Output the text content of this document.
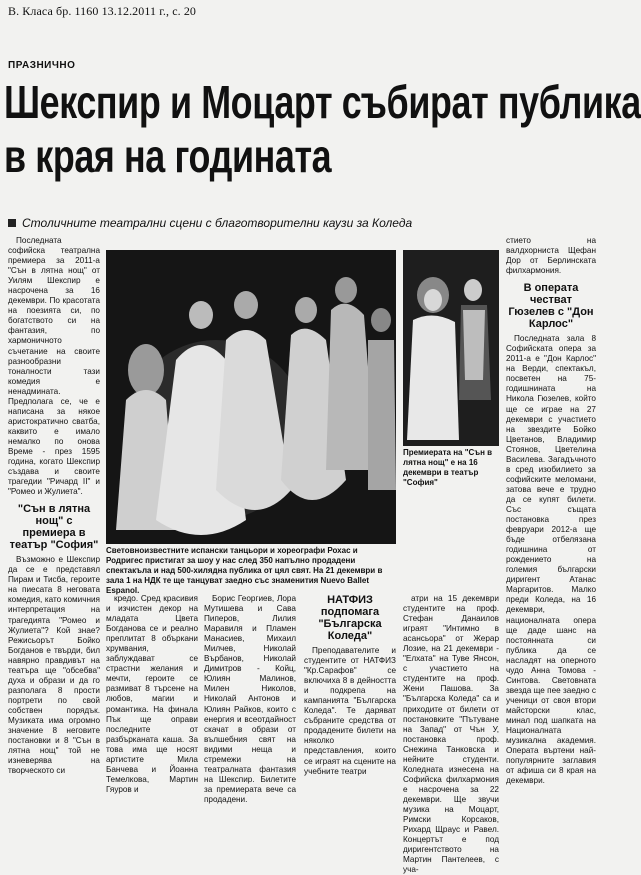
В. Класа бр. 1160 13.12.2011 г., с. 20
ПРАЗНИЧНО
Шекспир и Моцарт събират публика
в края на годината
Столичните театрални сцени с благотворителни каузи за Коледа

Последната софийска театрална премиера за 2011-а "Сън в лятна нощ" от Уилям Шекспир е насрочена за 16 декември. По красотата на поезията си, по богатството си на фантазия, по хармоничното съчетание на своите разнообразни тоналности тази комедия е ненадмината. Предполага се, че е написана за някое аристократично сватба, каквито е имало немалко по онова Време - през 1595 година, когато Шекспир създава и своите трагедии "Ричард II" и "Ромео и Жулиета".

"Сън в лятна нощ" с премиера в театър "София"

Възможно е Шекспир да се е представял Пирам и Тисба, героите на пиесата 8 неговата комедия, като комичния интерпретация на трагедията "Ромео и Жулиета"? Кой знае? Режисьорът Бойко Богданов е твърди, бил навярно правдивът на театъра ще "обсебва" духа и образи и да го разполага 8 прости портрети по свой собствен порядък. Музиката има огромно значение 8 неговите постановки и 8 "Сън в лятна нощ" той не изневерява на творческото си

Световноизвестните испански танцьори и хореографи Рохас и Родригес пристигат за шоу у нас след 350 напълно продадени спектакъла и над 500-хилядна публика от цял свят. На 21 декември в зала 1 на НДК те ще танцуват заедно със знаменития Nuevo Ballet Espanol.
Премиерата на "Сън в лятна нощ" е на 16 декември в театър "София"

кредо. Сред красивия и изчистен декор на младата Цвета Богданова се и реално преплитат 8 объркани хрумвания, заблуждават се страстни желания и мечти, героите се размиват 8 търсене на любов, магии и романтика. На финала Пък ще оправи последните от разбърканата каша. За това има ще носят артистите Мила Банчева и Йоанна Темелкова, Мартин Гяуров и

Борис Георгиев, Лора Мутишева и Сава Пиперов, Лилия Маравиля и Пламен Манасиев, Михаил Милчев, Николай Върбанов, Николай Димитров - Койц, Юлиян Малинов, Милен Николов, Николай Антонов и Юлиян Райков, които с енергия и всеотдайност скачат в образи от вълшебния свят на видими неща и стремежи на театралната фантазия на Шекспир. Билетите за премиерата вече са продадени.

НАТФИЗ подпомага "Българска Коледа"

Преподавателите и студентите от НАТФИЗ "Кр.Сарафов" се включиха 8 в дейността и подкрепа на кампанията "Българска Коледа". Те даряват събраните средства от продадените билети на няколко представления, които се играят на сцените на учебните театри

атри на 15 декември студентите на проф. Стефан Данаилов играят "Интимно в асансьора" от Жерар Лозие, на 21 декември - "Елхата" на Туве Янсон, с участието на студентите на проф. Жени Пашова. За "Българска Коледа" са и приходите от билети от постановките "Пътуване на Запад" от Чън У, постановка проф. Снежина Танковска и нейните студенти. Коледната изнесена на Софийска филхармония е насрочена за 22 декември. Ще звучи музика на Моцарт, Римски Корсаков, Рихард Щраус и Равел. Концертът е под диригентството на Мартин Пантелеев, с уча-

стието на валдхорниста Щефан Дор от Берлинската филхармония.

В операта честват Гюзелев с "Дон Карлос"

Последната зала 8 Софийската опера за 2011-а е "Дон Карлос" на Верди, спектакъл, посветен на 75-годишнината на Никола Гюзелев, който ще се играе на 27 декември с участието на звездите Бойко Цветанов, Владимир Стоянов, Цветелина Василева. Загадъчното в сред изобилието за софийските меломани, затова вече е трудно да се купят билети. Със същата постановка през февруари 2012-а ще бъде отбелязана годишнина от рождението на големия български диригент Атанас Маргаритов. Малко преди Коледа, на 16 декември, националната опера ще даде шанс на постоянната си публика да се насладят на оперното чудо Анна Томова - Синтова. Световната звезда ще пее заедно с ученици от своя втори майсторски клас, минал под шапката на Националната музикална академия. Операта въртени най-популярните заглавия от афиша си 8 края на декември.
